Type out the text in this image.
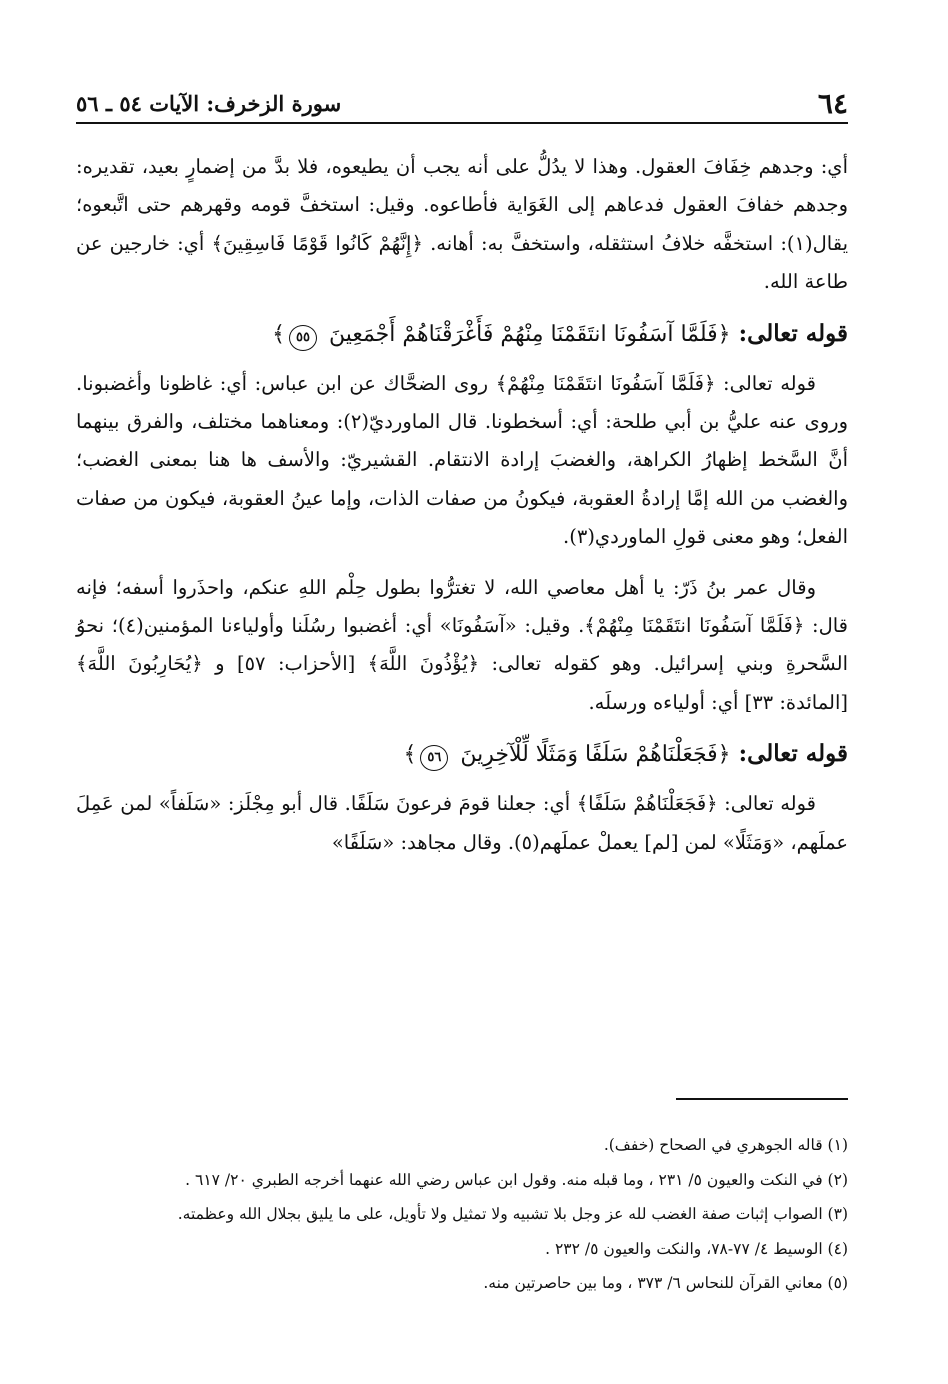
٦٤
سورة الزخرف: الآيات ٥٤ ـ ٥٦

أي: وجدهم خِفَافَ العقول. وهذا لا يدُلُّ على أنه يجب أن يطيعوه، فلا بدَّ من إضمارٍ بعيد، تقديره: وجدهم خفافَ العقول فدعاهم إلى الغَوَاية فأطاعوه. وقيل: استخفَّ قومه وقهرهم حتى اتَّبعوه؛ يقال(١): استخفَّه خلافُ استثقله، واستخفَّ به: أهانه. ﴿إِنَّهُمْ كَانُوا قَوْمًا فَاسِقِينَ﴾ أي: خارجين عن طاعة الله.

قوله تعالى: ﴿فَلَمَّا آسَفُونَا انتَقَمْنَا مِنْهُمْ فَأَغْرَقْنَاهُمْ أَجْمَعِينَ ٥٥﴾

قوله تعالى: ﴿فَلَمَّا آسَفُونَا انتَقَمْنَا مِنْهُمْ﴾ روى الضحَّاك عن ابن عباس: أي: غاظونا وأغضبونا. وروى عنه عليُّ بن أبي طلحة: أي: أسخطونا. قال الماورديّ(٢): ومعناهما مختلف، والفرق بينهما أنَّ السَّخط إظهارُ الكراهة، والغضبَ إرادة الانتقام. القشيريّ: والأسف ها هنا بمعنى الغضب؛ والغضب من الله إمَّا إرادةُ العقوبة، فيكونُ من صفات الذات، وإما عينُ العقوبة، فيكون من صفات الفعل؛ وهو معنى قولِ الماوردي(٣).

وقال عمر بنُ ذَرّ: يا أهل معاصي الله، لا تغترُّوا بطول حِلْم اللهِ عنكم، واحذَروا أسفه؛ فإنه قال: ﴿فَلَمَّا آسَفُونَا انتَقَمْنَا مِنْهُمْ﴾. وقيل: «آسَفُونَا» أي: أغضبوا رسُلَنا وأولياءنا المؤمنين(٤)؛ نحوُ السَّحرةِ وبني إسرائيل. وهو كقوله تعالى: ﴿يُؤْذُونَ اللَّهَ﴾ [الأحزاب: ٥٧] و ﴿يُحَارِبُونَ اللَّهَ﴾ [المائدة: ٣٣] أي: أولياءه ورسلَه.

قوله تعالى: ﴿فَجَعَلْنَاهُمْ سَلَفًا وَمَثَلًا لِّلْآخِرِينَ ٥٦﴾

قوله تعالى: ﴿فَجَعَلْنَاهُمْ سَلَفًا﴾ أي: جعلنا قومَ فرعونَ سَلَفًا. قال أبو مِجْلَز: «سَلَفاً» لمن عَمِلَ عملَهم، «وَمَثَلًا» لمن [لم] يعملْ عملَهم(٥). وقال مجاهد: «سَلَفًا»

(١) قاله الجوهري في الصحاح (خفف).

(٢) في النكت والعيون ٥/ ٢٣١ ، وما قبله منه. وقول ابن عباس رضي الله عنهما أخرجه الطبري ٢٠/ ٦١٧ .

(٣) الصواب إثبات صفة الغضب لله عز وجل بلا تشبيه ولا تمثيل ولا تأويل، على ما يليق بجلال الله وعظمته.

(٤) الوسيط ٤/ ٧٧-٧٨، والنكت والعيون ٥/ ٢٣٢ .

(٥) معاني القرآن للنحاس ٦/ ٣٧٣ ، وما بين حاصرتين منه.
